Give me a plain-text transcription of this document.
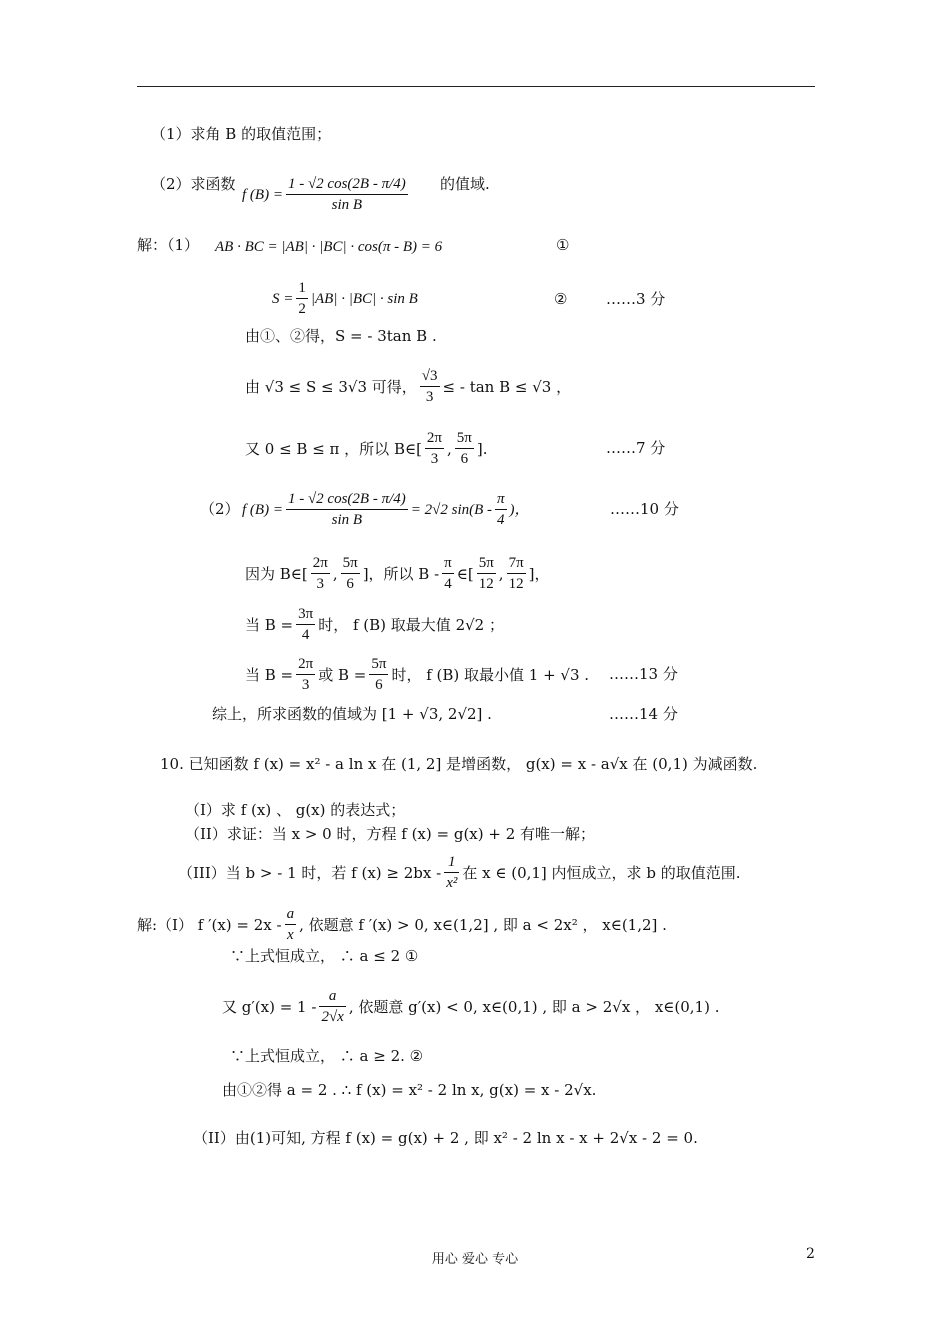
（1）求角 B 的取值范围；
（2）求函数
f $(B) = \frac{1 - √2 \cos(2B - \pi/4)}{\text{sin B}}$ 的值域.
解：（1） AB · BC = |AB| · |BC| · cos(π - B) = 6	①
$S = \frac{1}{2} |AB| \cdot |BC| \cdot \sin B$	②	……3 分
由①、②得，S = - 3tan B .
由 √3 ≤ S ≤ 3√3 可得， $\frac{√3}{3}$ ≤ - tan B ≤ √3 ，
又 0 ≤ B ≤ π ，所以 B∈[ $\frac{2\pi}{3}$ , $\frac{5\pi}{6}$ ].	……7 分
（2） f $(B) = \frac{1 - √2 \cos(2B - \pi/4)}{\text{sin B}} = 2√2$ $\sin(B - \frac{\pi}{4}$ )，	……10 分
因为 B∈[ $\frac{2\pi}{3}$ , $\frac{5\pi}{6}$ ]，所以 B - $\frac{\pi}{4}$ ∈[ $\frac{5\pi}{12}$ , $\frac{7\pi}{12}$ ]，
当 $B = \frac{3\pi}{4}$ 时， f (B) 取最大值 2√2 ；
当 $B = \frac{2\pi}{3}$ 或 $B = \frac{5\pi}{6}$ 时， f (B) 取最小值 1 + √3 . ……13 分
综上，所求函数的值域为 [1 + √3, 2√2] .	……14 分
10. 已知函数 f (x) = x² - a ln x 在 (1, 2] 是增函数， g(x) = x - a√x 在 (0,1) 为减函数.
（I）求 f (x) 、 g(x) 的表达式；
（II）求证：当 x > 0 时，方程 f (x) = g(x) + 2 有唯一解；
（III）当 b > - 1 时，若 f $(x) \ge 2bx - \frac{1}{\text{x²}}$ 在 x ∈ (0,1] 内恒成立，求 b 的取值范围.
解:（I） f $'(x) = 2x - \frac{a}{x}$ , 依题意 f ′(x) > 0, x∈(1,2] , 即 a < 2x² ， x∈(1,2] .
∵上式恒成立， ∴ a ≤ 2 ①
又 $g'(x) = 1 - \frac{a}{2√x}$ , 依题意 g′(x) < 0, x∈(0,1) , 即 a > 2√x ， x∈(0,1) .
∵上式恒成立， ∴ a ≥ 2. ②
由①②得 a = 2 . ∴ f (x) = x² - 2 ln x, g(x) = x - 2√x.
（II）由(1)可知, 方程 f (x) = g(x) + 2 , 即 x² - 2 ln x - x + 2√x - 2 = 0.
用心 爱心 专心	2
